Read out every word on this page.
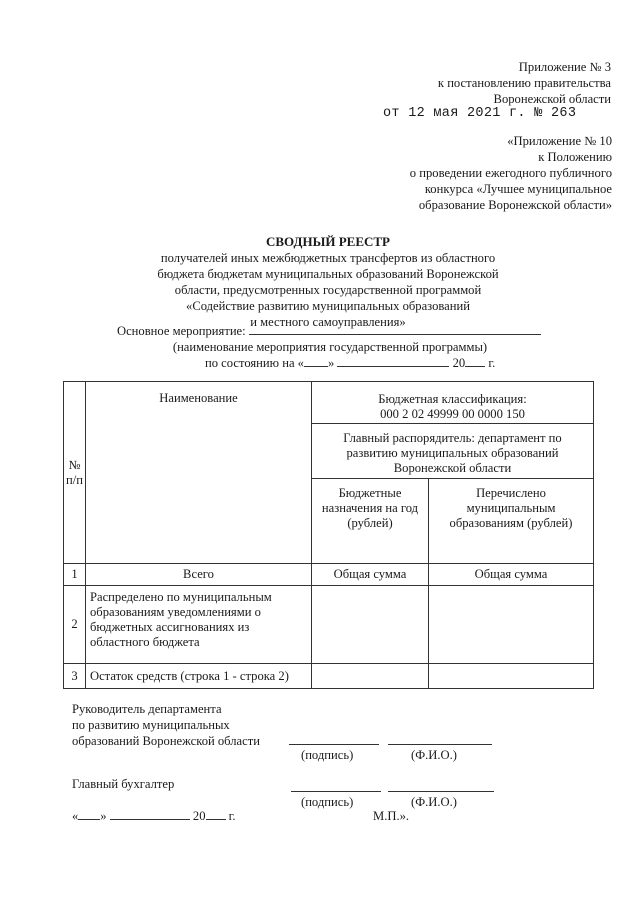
Приложение № 3
к постановлению правительства
Воронежской области
от 12 мая 2021 г. № 263
«Приложение № 10
к Положению
о проведении ежегодного публичного
конкурса «Лучшее муниципальное
образование Воронежской области»
СВОДНЫЙ РЕЕСТР
получателей иных межбюджетных трансфертов из областного
бюджета бюджетам муниципальных образований Воронежской
области, предусмотренных государственной программой
«Содействие развитию муниципальных образований
и местного самоуправления»
Основное мероприятие:
(наименование мероприятия государственной программы)
по состоянию на « »	20 г.
№
п/п	Наименование	Бюджетная классификация:
000 2 02 49999 00 0000 150	
		Главный распорядитель: департамент по развитию муниципальных образований Воронежской области	
		Бюджетные назначения на год (рублей)	Перечислено муниципальным образованиям (рублей)
1	Всего	Общая сумма	Общая сумма
2	Распределено по муниципальным образованиям уведомлениями о бюджетных ассигнованиях из областного бюджета		
3	Остаток средств (строка 1 - строка 2)		
Руководитель департамента
по развитию муниципальных
образований Воронежской области
(подпись)	(Ф.И.О.)
Главный бухгалтер
(подпись)	(Ф.И.О.)
« »	20 г.	М.П.».
